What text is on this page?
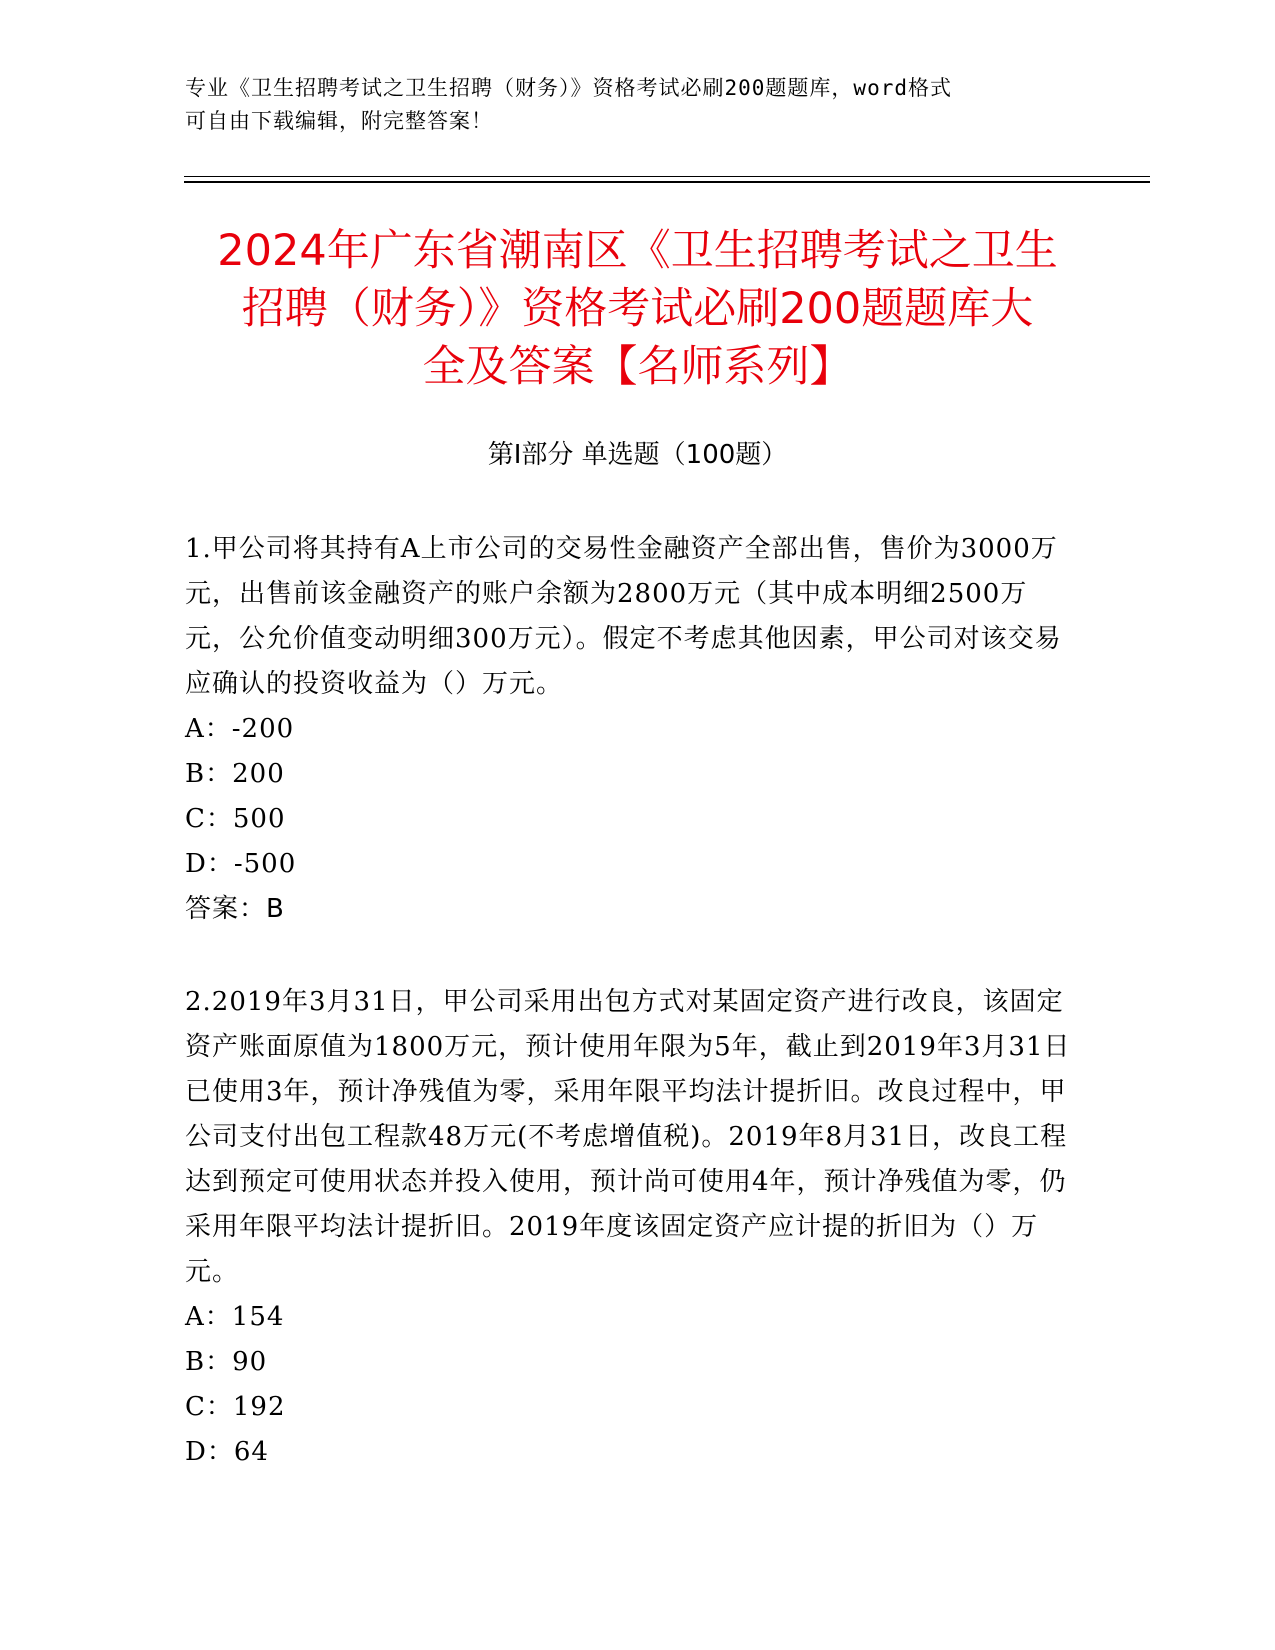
专业《卫生招聘考试之卫生招聘（财务）》资格考试必刷200题题库，word格式
可自由下载编辑，附完整答案！
2024年广东省潮南区《卫生招聘考试之卫生
招聘（财务）》资格考试必刷200题题库大
全及答案【名师系列】
第I部分 单选题（100题）
1.甲公司将其持有A上市公司的交易性金融资产全部出售，售价为3000万元，出售前该金融资产的账户余额为2800万元（其中成本明细2500万元，公允价值变动明细300万元）。假定不考虑其他因素，甲公司对该交易应确认的投资收益为（）万元。
A：-200
B：200
C：500
D：-500
答案：B
2.2019年3月31日，甲公司采用出包方式对某固定资产进行改良，该固定资产账面原值为1800万元，预计使用年限为5年，截止到2019年3月31日已使用3年，预计净残值为零，采用年限平均法计提折旧。改良过程中，甲公司支付出包工程款48万元(不考虑增值税)。2019年8月31日，改良工程达到预定可使用状态并投入使用，预计尚可使用4年，预计净残值为零，仍采用年限平均法计提折旧。2019年度该固定资产应计提的折旧为（）万元。
A：154
B：90
C：192
D：64
